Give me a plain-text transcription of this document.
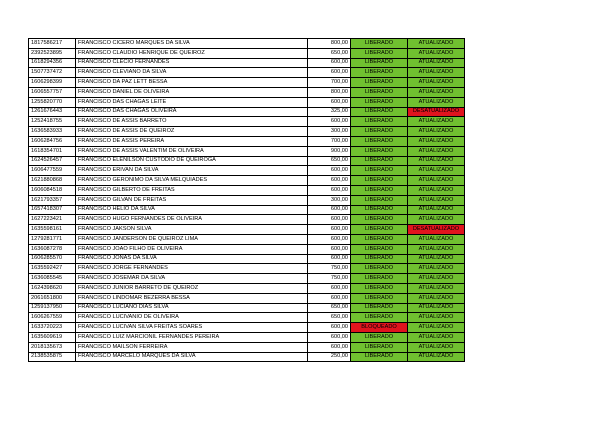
1817586217	FRANCISCO CICERO MARQUES DA SILVA	800,00	LIBERADO	ATUALIZADO
2392523895	FRANCISCO CLAUDIO HENRIQUE DE QUEIROZ	650,00	LIBERADO	ATUALIZADO
1618294356	FRANCISCO CLECIO FERNANDES	600,00	LIBERADO	ATUALIZADO
1507737472	FRANCISCO CLEVIANO DA SILVA	600,00	LIBERADO	ATUALIZADO
1606298399	FRANCISCO DA PAZ LETT BESSA	700,00	LIBERADO	ATUALIZADO
1606557757	FRANCISCO DANIEL DE OLIVEIRA	800,00	LIBERADO	ATUALIZADO
1255820770	FRANCISCO DAS CHAGAS LEITE	600,00	LIBERADO	ATUALIZADO
1261676443	FRANCISCO DAS CHAGAS OLIVEIRA	325,00	LIBERADO	DESATUALIZADO
1252418755	FRANCISCO DE ASSIS BARRETO	600,00	LIBERADO	ATUALIZADO
1636583933	FRANCISCO DE ASSIS DE QUEIROZ	300,00	LIBERADO	ATUALIZADO
1606284756	FRANCISCO DE ASSIS PEREIRA	700,00	LIBERADO	ATUALIZADO
1618354701	FRANCISCO DE ASSIS VALENTIM DE OLIVEIRA	900,00	LIBERADO	ATUALIZADO
1624526457	FRANCISCO ELENILSON CUSTODIO DE QUEIROGA	650,00	LIBERADO	ATUALIZADO
1606477559	FRANCISCO ERIVAN DA SILVA	600,00	LIBERADO	ATUALIZADO
1621880868	FRANCISCO GERONIMO DA SILVA MELQUIADES	600,00	LIBERADO	ATUALIZADO
1606084518	FRANCISCO GILBERTO DE FREITAS	600,00	LIBERADO	ATUALIZADO
1621793357	FRANCISCO GILVAN DE FREITAS	300,00	LIBERADO	ATUALIZADO
1657418307	FRANCISCO HELIO DA SILVA	600,00	LIBERADO	ATUALIZADO
1627223421	FRANCISCO HUGO FERNANDES DE OLIVEIRA	600,00	LIBERADO	ATUALIZADO
1635598161	FRANCISCO JAKSON SILVA	600,00	LIBERADO	DESATUALIZADO
1279281771	FRANCISCO JANDERSON DE QUEIROZ LIMA	600,00	LIBERADO	ATUALIZADO
1636087278	FRANCISCO JOAO FILHO DE OLIVEIRA	600,00	LIBERADO	ATUALIZADO
1606285570	FRANCISCO JONAS DA SILVA	600,00	LIBERADO	ATUALIZADO
1635592427	FRANCISCO JORGE FERNANDES	750,00	LIBERADO	ATUALIZADO
1636085545	FRANCISCO JOSEMAR DA SILVA	750,00	LIBERADO	ATUALIZADO
1624398620	FRANCISCO JUNIOR BARRETO DE QUEIROZ	600,00	LIBERADO	ATUALIZADO
2061651800	FRANCISCO LINDOMAR BEZERRA BESSA	600,00	LIBERADO	ATUALIZADO
1259137950	FRANCISCO LUCIANO DIAS SILVA	650,00	LIBERADO	ATUALIZADO
1606267559	FRANCISCO LUCIVANIO DE OLIVEIRA	650,00	LIBERADO	ATUALIZADO
1633720223	FRANCISCO LUCIVAN SILVA FREITAS SOARES	600,00	BLOQUEADO	ATUALIZADO
1635609619	FRANCISCO LUIZ MARCIONIL FERNANDES PEREIRA	600,00	LIBERADO	ATUALIZADO
2018135673	FRANCISCO MAILSON FERREIRA	600,00	LIBERADO	ATUALIZADO
2138535875	FRANCISCO MARCELO MARQUES DA SILVA	250,00	LIBERADO	ATUALIZADO
